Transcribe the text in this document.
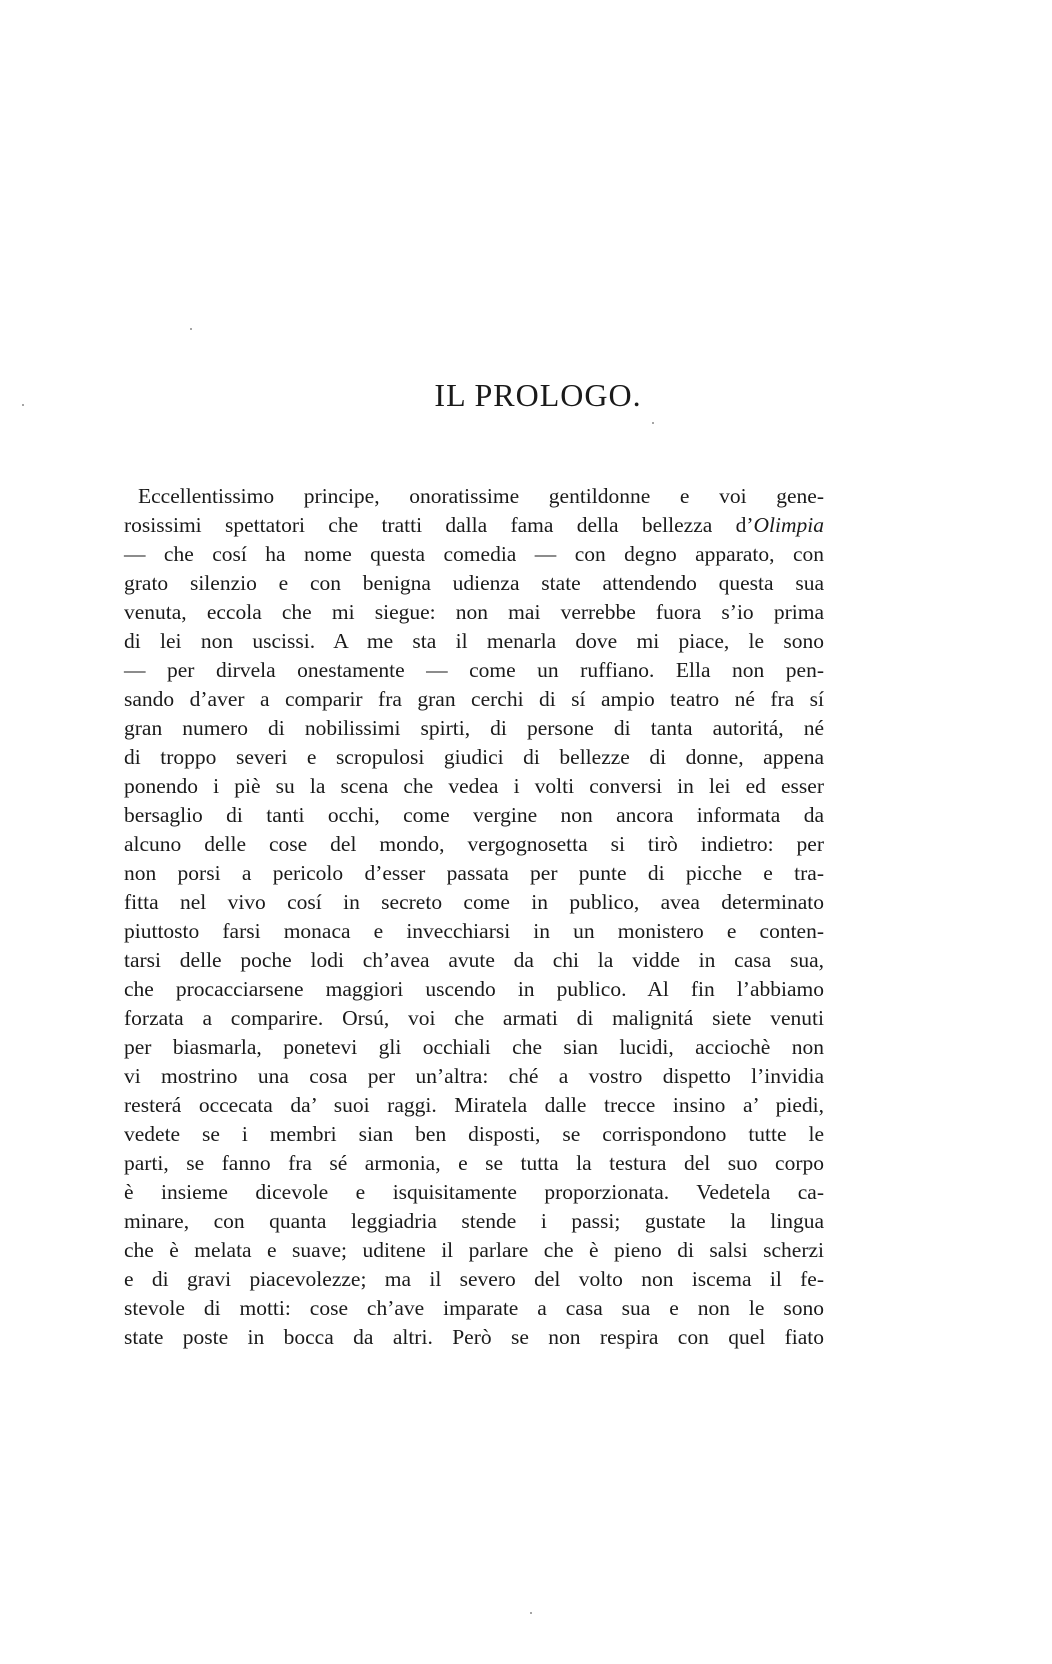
IL PROLOGO.
Eccellentissimo principe, onoratissime gentildonne e voi gene-
rosissimi spettatori che tratti dalla fama della bellezza d’Olimpia
— che cosí ha nome questa comedia — con degno apparato, con
grato silenzio e con benigna udienza state attendendo questa sua
venuta, eccola che mi siegue: non mai verrebbe fuora s’io prima
di lei non uscissi. A me sta il menarla dove mi piace, le sono
— per dirvela onestamente — come un ruffiano. Ella non pen-
sando d’aver a comparir fra gran cerchi di sí ampio teatro né fra sí
gran numero di nobilissimi spirti, di persone di tanta autoritá, né
di troppo severi e scropulosi giudici di bellezze di donne, appena
ponendo i piè su la scena che vedea i volti conversi in lei ed esser
bersaglio di tanti occhi, come vergine non ancora informata da
alcuno delle cose del mondo, vergognosetta si tirò indietro: per
non porsi a pericolo d’esser passata per punte di picche e tra-
fitta nel vivo cosí in secreto come in publico, avea determinato
piuttosto farsi monaca e invecchiarsi in un monistero e conten-
tarsi delle poche lodi ch’avea avute da chi la vidde in casa sua,
che procacciarsene maggiori uscendo in publico. Al fin l’abbiamo
forzata a comparire. Orsú, voi che armati di malignitá siete venuti
per biasmarla, ponetevi gli occhiali che sian lucidi, acciochè non
vi mostrino una cosa per un’altra: ché a vostro dispetto l’invidia
resterá occecata da’ suoi raggi. Miratela dalle trecce insino a’ piedi,
vedete se i membri sian ben disposti, se corrispondono tutte le
parti, se fanno fra sé armonia, e se tutta la testura del suo corpo
è insieme dicevole e isquisitamente proporzionata. Vedetela ca-
minare, con quanta leggiadria stende i passi; gustate la lingua
che è melata e suave; uditene il parlare che è pieno di salsi scherzi
e di gravi piacevolezze; ma il severo del volto non iscema il fe-
stevole di motti: cose ch’ave imparate a casa sua e non le sono
state poste in bocca da altri. Però se non respira con quel fiato
